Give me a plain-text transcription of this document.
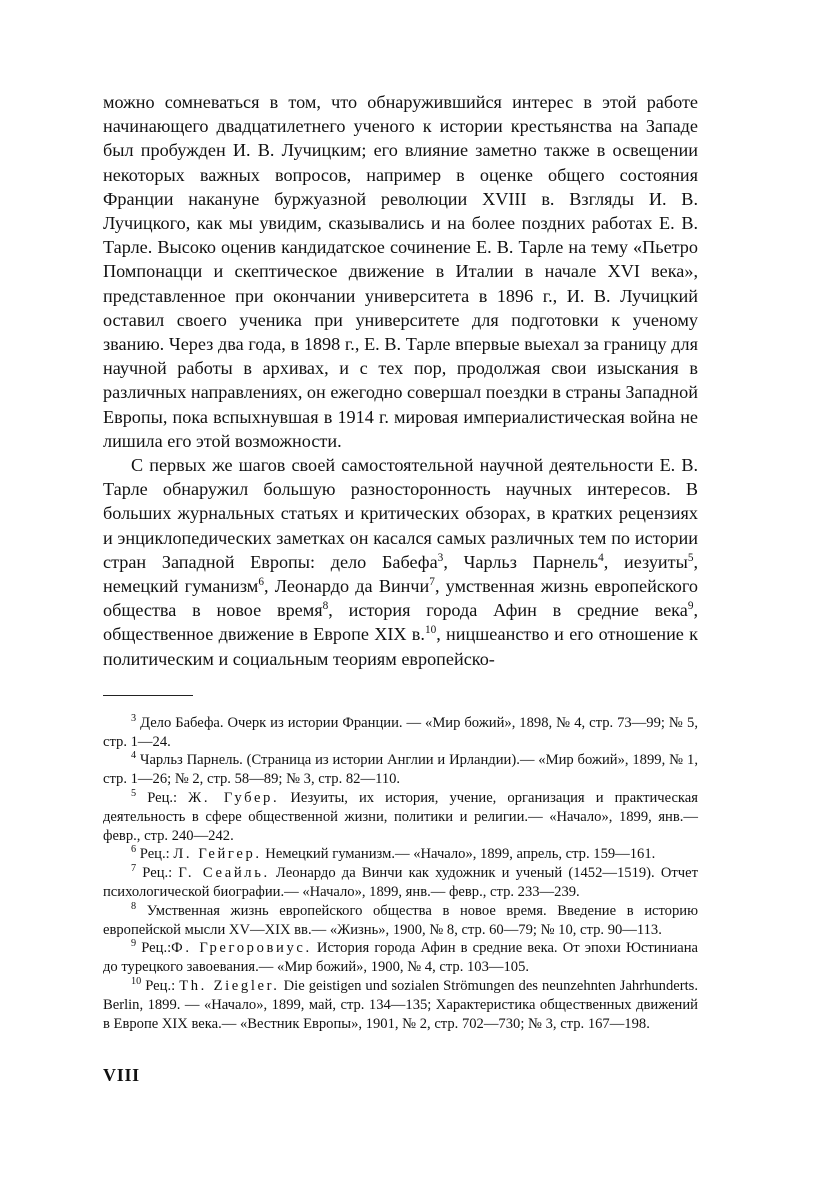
можно сомневаться в том, что обнаружившийся интерес в этой работе начинающего двадцатилетнего ученого к истории крестьянства на Западе был пробужден И. В. Лучицким; его влияние заметно также в освещении некоторых важных вопросов, например в оценке общего состояния Франции накануне буржуазной революции XVIII в. Взгляды И. В. Лучицкого, как мы увидим, сказывались и на более поздних работах Е. В. Тарле. Высоко оценив кандидатское сочинение Е. В. Тарле на тему «Пьетро Помпонацци и скептическое движение в Италии в начале XVI века», представленное при окончании университета в 1896 г., И. В. Лучицкий оставил своего ученика при университете для подготовки к ученому званию. Через два года, в 1898 г., Е. В. Тарле впервые выехал за границу для научной работы в архивах, и с тех пор, продолжая свои изыскания в различных направлениях, он ежегодно совершал поездки в страны Западной Европы, пока вспыхнувшая в 1914 г. мировая империалистическая война не лишила его этой возможности.

С первых же шагов своей самостоятельной научной деятельности Е. В. Тарле обнаружил большую разносторонность научных интересов. В больших журнальных статьях и критических обзорах, в кратких рецензиях и энциклопедических заметках он касался самых различных тем по истории стран Западной Европы: дело Бабефа$^3$, Чарльз Парнель$^4$, иезуиты$^5$, немецкий гуманизм$^6$, Леонардо да Винчи$^7$, умственная жизнь европейского общества в новое время$^8$, история города Афин в средние века$^9$, общественное движение в Европе XIX в.$^{10}$, ницшеанство и его отношение к политическим и социальным теориям европейско-

$^3$ Дело Бабефа. Очерк из истории Франции. — «Мир божий», 1898, № 4, стр. 73—99; № 5, стр. 1—24.

$^4$ Чарльз Парнель. (Страница из истории Англии и Ирландии).— «Мир божий», 1899, № 1, стр. 1—26; № 2, стр. 58—89; № 3, стр. 82—110.

$^5$ Рец.: Ж. Губер. Иезуиты, их история, учение, организация и практическая деятельность в сфере общественной жизни, политики и религии.— «Начало», 1899, янв.— февр., стр. 240—242.

$^6$ Рец.: Л. Гейгер. Немецкий гуманизм.— «Начало», 1899, апрель, стр. 159—161.

$^7$ Рец.: Г. Сеайль. Леонардо да Винчи как художник и ученый (1452—1519). Отчет психологической биографии.— «Начало», 1899, янв.— февр., стр. 233—239.

$^8$ Умственная жизнь европейского общества в новое время. Введение в историю европейской мысли XV—XIX вв.— «Жизнь», 1900, № 8, стр. 60—79; № 10, стр. 90—113.

$^9$ Рец.:Ф. Грегоровиус. История города Афин в средние века. От эпохи Юстиниана до турецкого завоевания.— «Мир божий», 1900, № 4, стр. 103—105.

$^{10}$ Рец.: Th. Ziegler. Die geistigen und sozialen Strömungen des neunzehnten Jahrhunderts. Berlin, 1899. — «Начало», 1899, май, стр. 134—135; Характеристика общественных движений в Европе XIX века.— «Вестник Европы», 1901, № 2, стр. 702—730; № 3, стр. 167—198.

VIII
